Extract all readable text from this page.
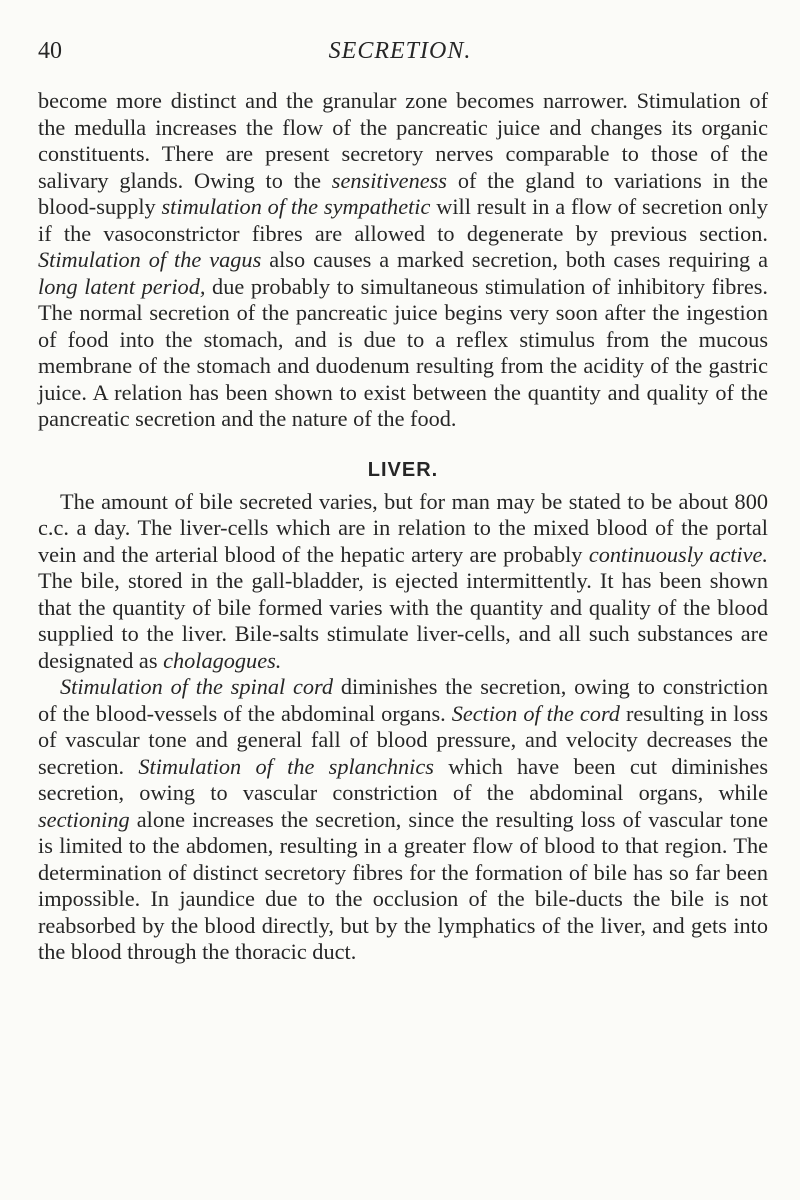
40	SECRETION.

become more distinct and the granular zone becomes narrower. Stimulation of the medulla increases the flow of the pancreatic juice and changes its organic constituents. There are present secretory nerves comparable to those of the salivary glands. Owing to the sensitiveness of the gland to variations in the blood-supply stimulation of the sympathetic will result in a flow of secretion only if the vasoconstrictor fibres are allowed to degenerate by previous section. Stimulation of the vagus also causes a marked secretion, both cases requiring a long latent period, due probably to simultaneous stimulation of inhibitory fibres. The normal secretion of the pancreatic juice begins very soon after the ingestion of food into the stomach, and is due to a reflex stimulus from the mucous membrane of the stomach and duodenum resulting from the acidity of the gastric juice. A relation has been shown to exist between the quantity and quality of the pancreatic secretion and the nature of the food.

LIVER.

The amount of bile secreted varies, but for man may be stated to be about 800 c.c. a day. The liver-cells which are in relation to the mixed blood of the portal vein and the arterial blood of the hepatic artery are probably continuously active. The bile, stored in the gall-bladder, is ejected intermittently. It has been shown that the quantity of bile formed varies with the quantity and quality of the blood supplied to the liver. Bile-salts stimulate liver-cells, and all such substances are designated as cholagogues.

Stimulation of the spinal cord diminishes the secretion, owing to constriction of the blood-vessels of the abdominal organs. Section of the cord resulting in loss of vascular tone and general fall of blood pressure, and velocity decreases the secretion. Stimulation of the splanchnics which have been cut diminishes secretion, owing to vascular constriction of the abdominal organs, while sectioning alone increases the secretion, since the resulting loss of vascular tone is limited to the abdomen, resulting in a greater flow of blood to that region. The determination of distinct secretory fibres for the formation of bile has so far been impossible. In jaundice due to the occlusion of the bile-ducts the bile is not reabsorbed by the blood directly, but by the lymphatics of the liver, and gets into the blood through the thoracic duct.
